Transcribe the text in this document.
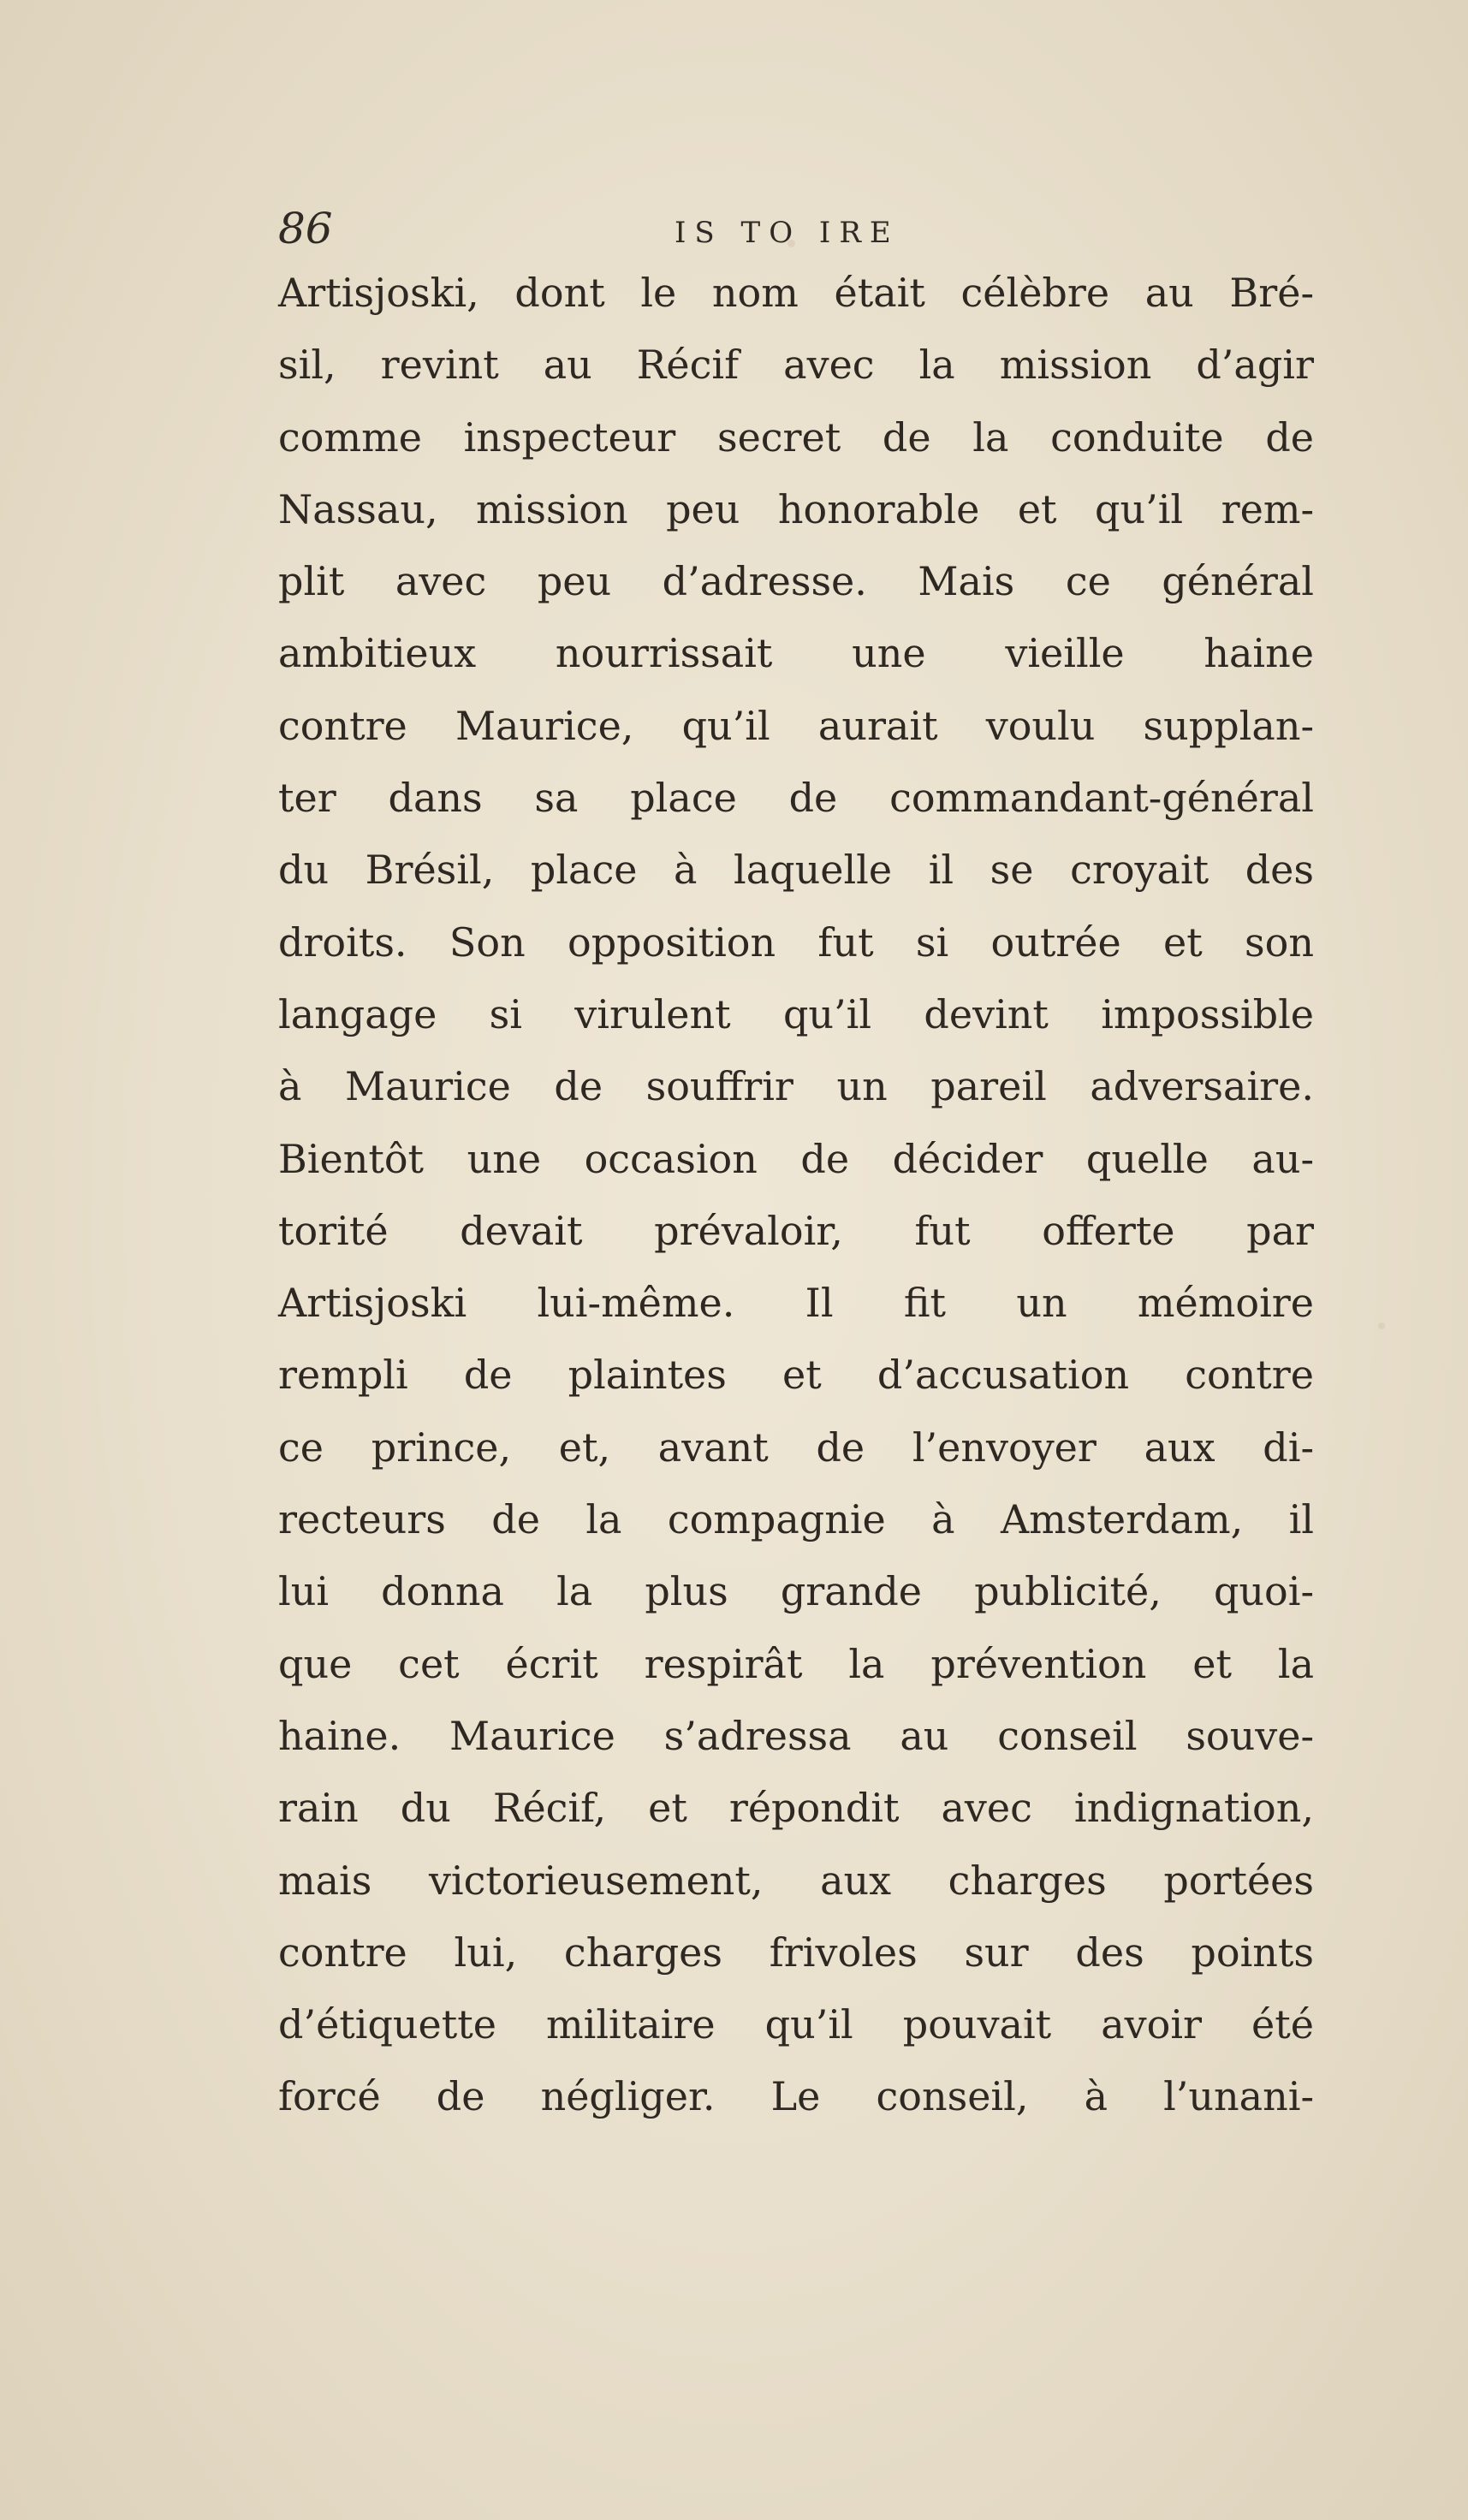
86	IS TO IRE
Artisjoski, dont le nom était célèbre au Bré-
sil, revint au Récif avec la mission d’agir
comme inspecteur secret de la conduite de
Nassau, mission peu honorable et qu’il rem-
plit avec peu d’adresse. Mais ce général
ambitieux nourrissait une vieille haine
contre Maurice, qu’il aurait voulu supplan-
ter dans sa place de commandant-général
du Brésil, place à laquelle il se croyait des
droits. Son opposition fut si outrée et son
langage si virulent qu’il devint impossible
à Maurice de souffrir un pareil adversaire.
Bientôt une occasion de décider quelle au-
torité devait prévaloir, fut offerte par
Artisjoski lui-même. Il fit un mémoire
rempli de plaintes et d’accusation contre
ce prince, et, avant de l’envoyer aux di-
recteurs de la compagnie à Amsterdam, il
lui donna la plus grande publicité, quoi-
que cet écrit respirât la prévention et la
haine. Maurice s’adressa au conseil souve-
rain du Récif, et répondit avec indignation,
mais victorieusement, aux charges portées
contre lui, charges frivoles sur des points
d’étiquette militaire qu’il pouvait avoir été
forcé de négliger. Le conseil, à l’unani-
